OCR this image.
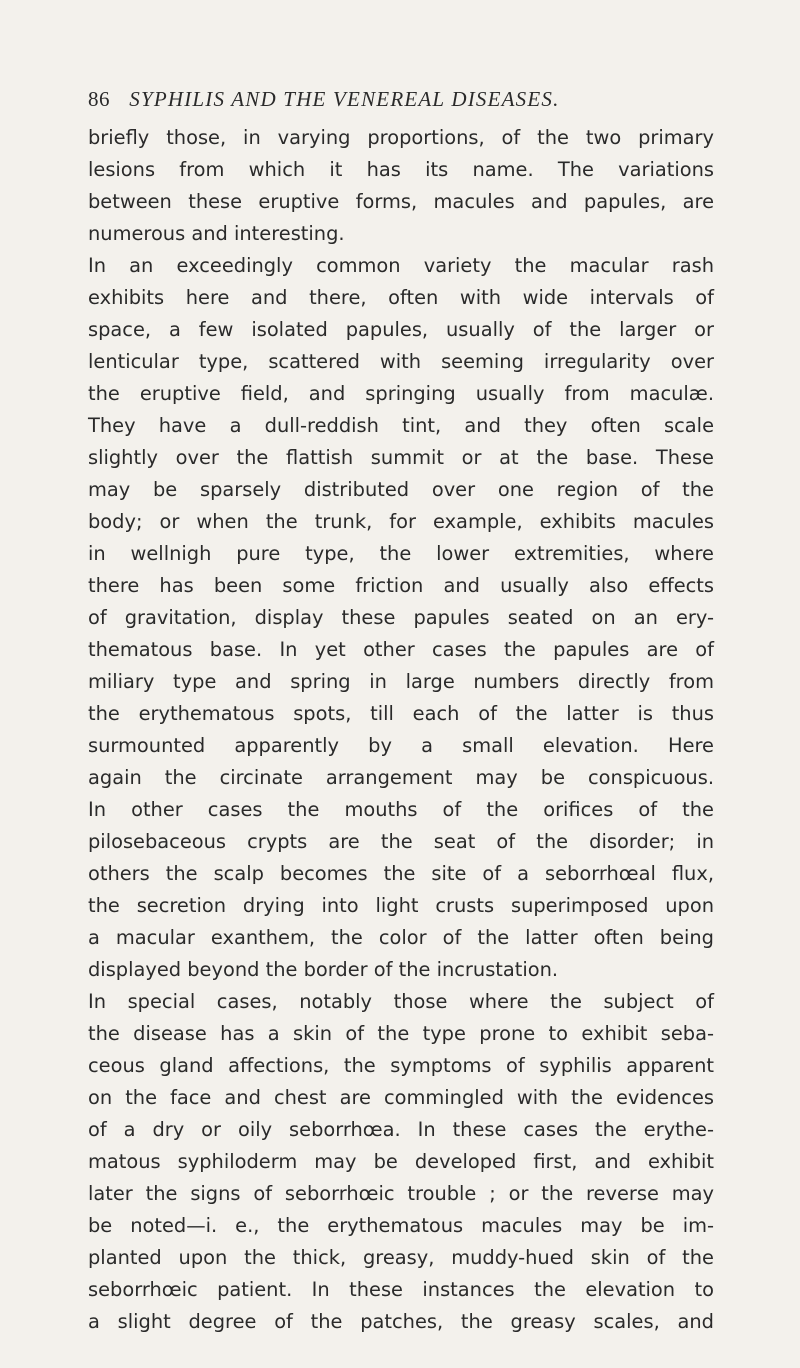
86 SYPHILIS AND THE VENEREAL DISEASES.
briefly those, in varying proportions, of the two primary
lesions from which it has its name. The variations
between these eruptive forms, macules and papules, are
numerous and interesting.
In an exceedingly common variety the macular rash
exhibits here and there, often with wide intervals of
space, a few isolated papules, usually of the larger or
lenticular type, scattered with seeming irregularity over
the eruptive field, and springing usually from maculæ.
They have a dull-reddish tint, and they often scale
slightly over the flattish summit or at the base. These
may be sparsely distributed over one region of the
body; or when the trunk, for example, exhibits macules
in wellnigh pure type, the lower extremities, where
there has been some friction and usually also effects
of gravitation, display these papules seated on an ery-
thematous base. In yet other cases the papules are of
miliary type and spring in large numbers directly from
the erythematous spots, till each of the latter is thus
surmounted apparently by a small elevation. Here
again the circinate arrangement may be conspicuous.
In other cases the mouths of the orifices of the
pilosebaceous crypts are the seat of the disorder; in
others the scalp becomes the site of a seborrhœal flux,
the secretion drying into light crusts superimposed upon
a macular exanthem, the color of the latter often being
displayed beyond the border of the incrustation.
In special cases, notably those where the subject of
the disease has a skin of the type prone to exhibit seba-
ceous gland affections, the symptoms of syphilis apparent
on the face and chest are commingled with the evidences
of a dry or oily seborrhœa. In these cases the erythe-
matous syphiloderm may be developed first, and exhibit
later the signs of seborrhœic trouble ; or the reverse may
be noted—i. e., the erythematous macules may be im-
planted upon the thick, greasy, muddy-hued skin of the
seborrhœic patient. In these instances the elevation to
a slight degree of the patches, the greasy scales, and
